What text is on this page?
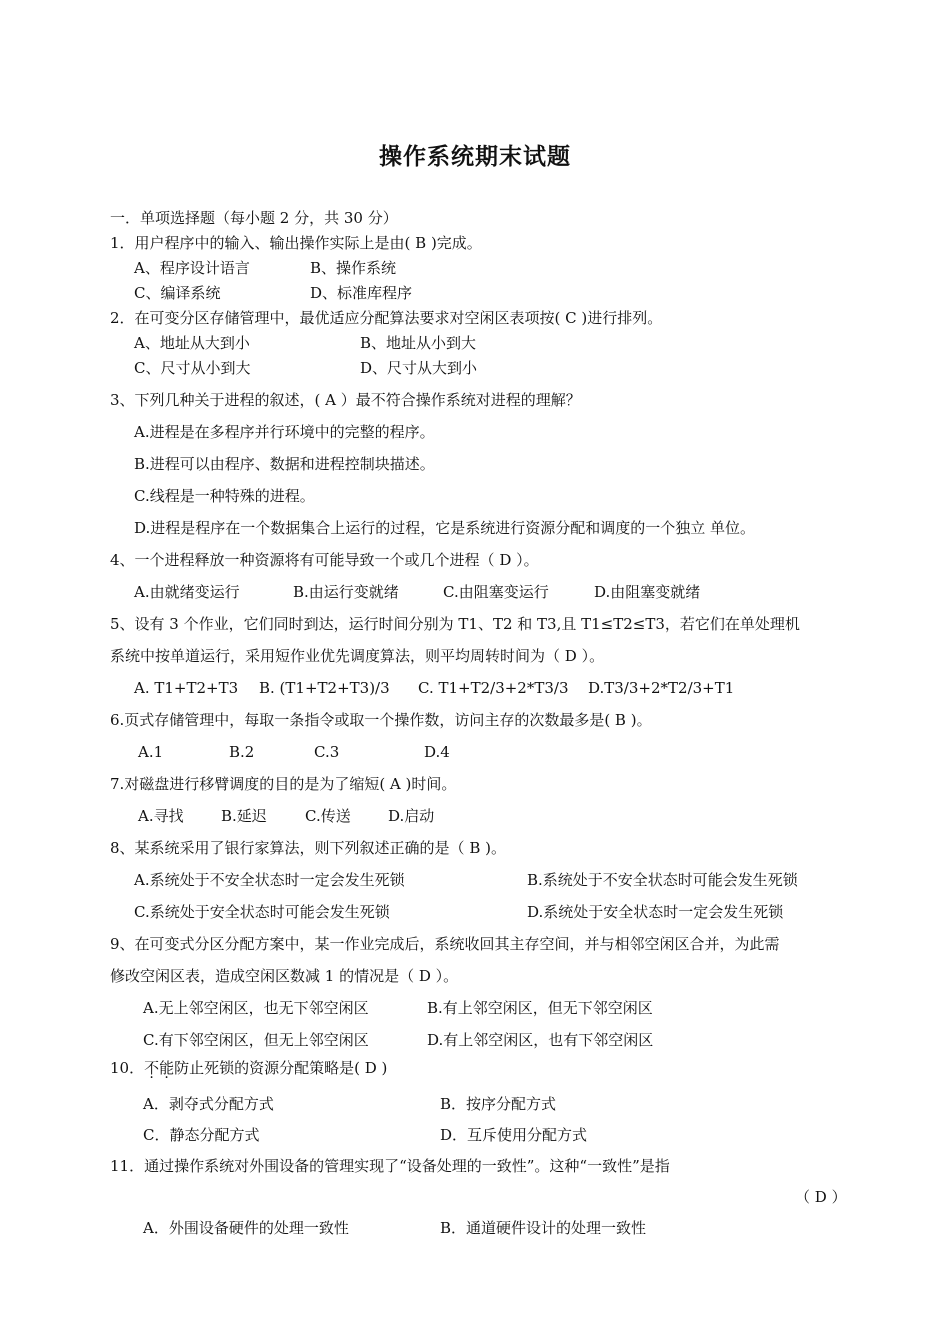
操作系统期末试题
一．单项选择题（每小题 2 分，共 30 分）
1．用户程序中的输入、输出操作实际上是由( B )完成。
A、程序设计语言	B、操作系统
C、编译系统	D、标准库程序
2．在可变分区存储管理中，最优适应分配算法要求对空闲区表项按( C )进行排列。
A、地址从大到小	B、地址从小到大
C、尺寸从小到大	D、尺寸从大到小
3、下列几种关于进程的叙述，( A ）最不符合操作系统对进程的理解？
A.进程是在多程序并行环境中的完整的程序。
B.进程可以由程序、数据和进程控制块描述。
C.线程是一种特殊的进程。
D.进程是程序在一个数据集合上运行的过程，它是系统进行资源分配和调度的一个独立 单位。
4、一个进程释放一种资源将有可能导致一个或几个进程（ D ）。
A.由就绪变运行	B.由运行变就绪	C.由阻塞变运行	D.由阻塞变就绪
5、设有 3 个作业，它们同时到达，运行时间分别为 T1、T2 和 T3,且 T1≤T2≤T3，若它们在单处理机
系统中按单道运行，采用短作业优先调度算法，则平均周转时间为（ D ）。
A. T1+T2+T3 B. (T1+T2+T3)/3 C. T1+T2/3+2*T3/3 D.T3/3+2*T2/3+T1
6.页式存储管理中，每取一条指令或取一个操作数，访问主存的次数最多是( B )。
A.1	B.2	C.3	D.4
7.对磁盘进行移臂调度的目的是为了缩短( A )时间。
A.寻找 B.延迟	C.传送 D.启动
8、某系统采用了银行家算法，则下列叙述正确的是（ B )。
A.系统处于不安全状态时一定会发生死锁	B.系统处于不安全状态时可能会发生死锁
C.系统处于安全状态时可能会发生死锁	D.系统处于安全状态时一定会发生死锁
9、在可变式分区分配方案中，某一作业完成后，系统收回其主存空间，并与相邻空闲区合并，为此需
修改空闲区表，造成空闲区数减 1 的情况是（ D ）。
A.无上邻空闲区，也无下邻空闲区	B.有上邻空闲区，但无下邻空闲区
C.有下邻空闲区，但无上邻空闲区	D.有上邻空闲区，也有下邻空闲区
10．不能防止死锁的资源分配策略是( D )
A．剥夺式分配方式	B．按序分配方式
C．静态分配方式	D．互斥使用分配方式
11．通过操作系统对外围设备的管理实现了“设备处理的一致性”。这种“一致性”是指
（ D ）
A．外围设备硬件的处理一致性	B．通道硬件设计的处理一致性
